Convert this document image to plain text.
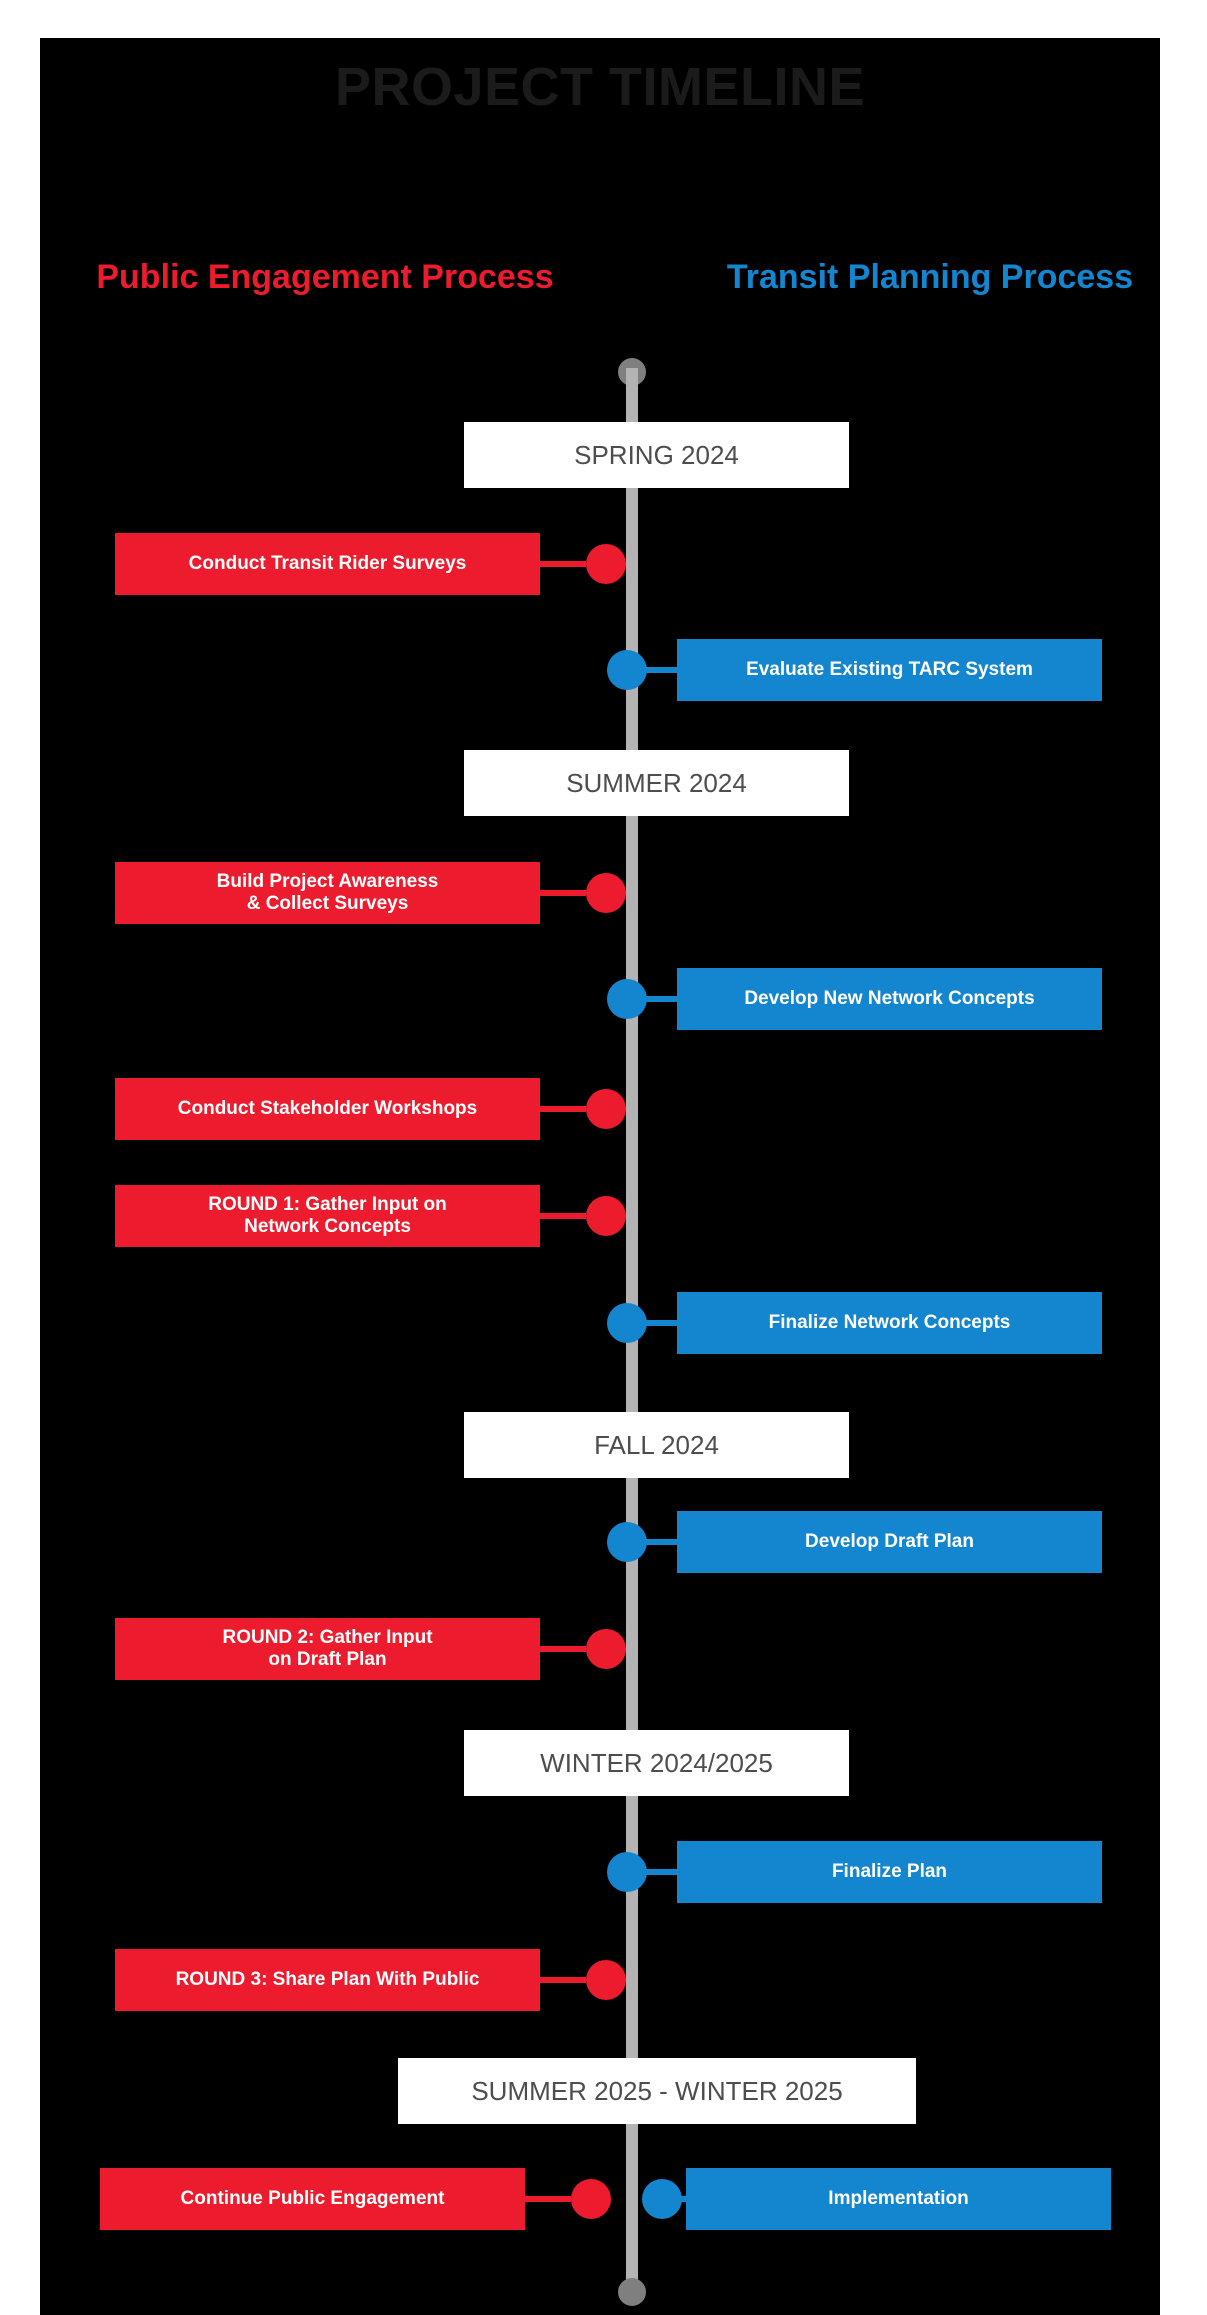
PROJECT TIMELINE
Public Engagement Process	Transit Planning Process
SPRING 2024
Conduct Transit Rider Surveys
Evaluate Existing TARC System
SUMMER 2024
Build Project Awareness
& Collect Surveys
Develop New Network Concepts
Conduct Stakeholder Workshops
ROUND 1: Gather Input on
Network Concepts
Finalize Network Concepts
FALL 2024
Develop Draft Plan
ROUND 2: Gather Input
on Draft Plan
WINTER 2024/2025
Finalize Plan
ROUND 3: Share Plan With Public
SUMMER 2025 - WINTER 2025
Continue Public Engagement	Implementation
